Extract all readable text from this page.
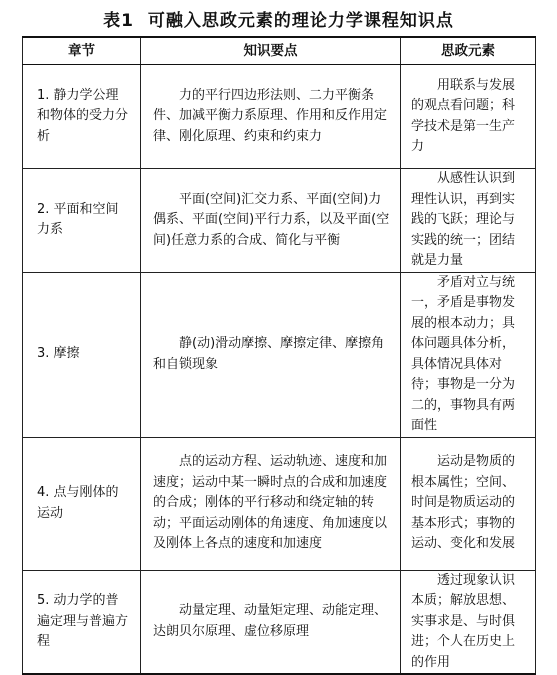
表1 可融入思政元素的理论力学课程知识点
章节	知识要点	思政元素
1. 静力学公理和物体的受力分析	力的平行四边形法则、二力平衡条件、加减平衡力系原理、作用和反作用定律、刚化原理、约束和约束力	用联系与发展的观点看问题；科学技术是第一生产力
2. 平面和空间力系	平面(空间)汇交力系、平面(空间)力偶系、平面(空间)平行力系，以及平面(空间)任意力系的合成、简化与平衡	从感性认识到理性认识，再到实践的飞跃；理论与实践的统一；团结就是力量
3. 摩擦	静(动)滑动摩擦、摩擦定律、摩擦角和自锁现象	矛盾对立与统一，矛盾是事物发展的根本动力；具体问题具体分析，具体情况具体对待；事物是一分为二的，事物具有两面性
4. 点与刚体的运动	点的运动方程、运动轨迹、速度和加速度；运动中某一瞬时点的合成和加速度的合成；刚体的平行移动和绕定轴的转动；平面运动刚体的角速度、角加速度以及刚体上各点的速度和加速度	运动是物质的根本属性；空间、时间是物质运动的基本形式；事物的运动、变化和发展
5. 动力学的普遍定理与普遍方程	动量定理、动量矩定理、动能定理、达朗贝尔原理、虚位移原理	透过现象认识本质；解放思想、实事求是、与时俱进；个人在历史上的作用
